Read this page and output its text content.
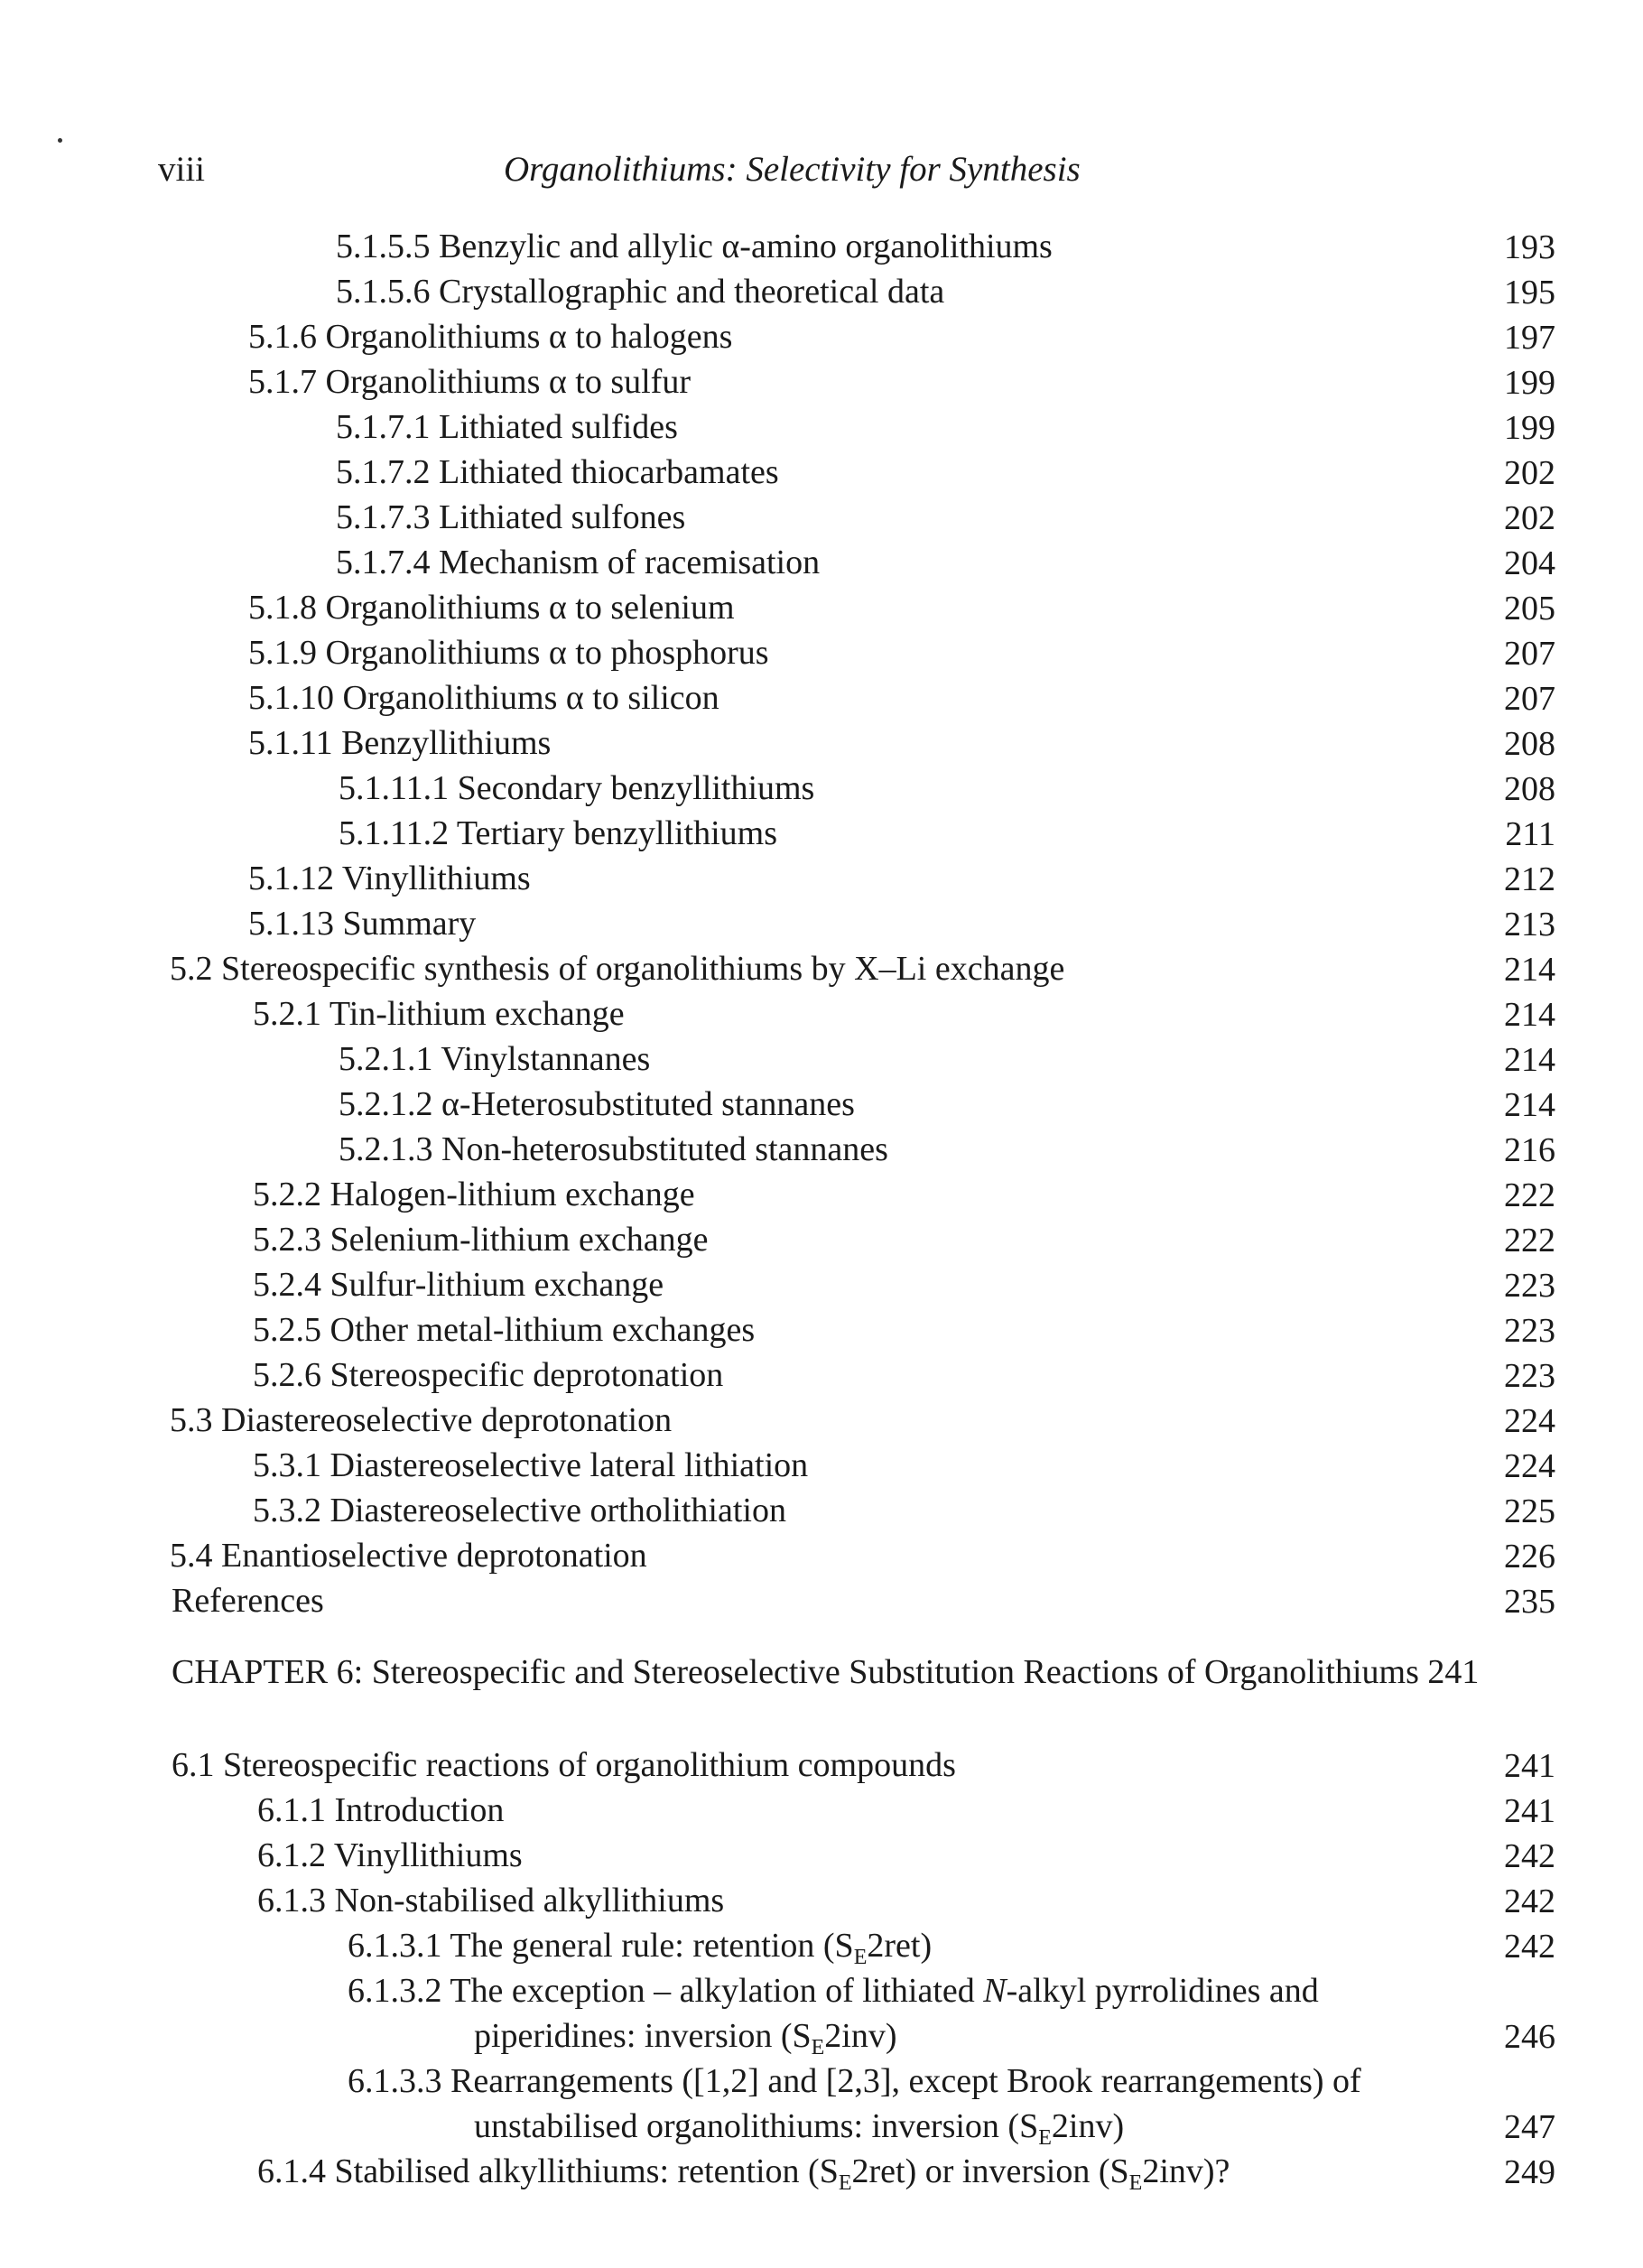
viii	Organolithiums: Selectivity for Synthesis
5.1.5.5 Benzylic and allylic α-amino organolithiums	193
5.1.5.6 Crystallographic and theoretical data	195
5.1.6 Organolithiums α to halogens	197
5.1.7 Organolithiums α to sulfur	199
5.1.7.1 Lithiated sulfides	199
5.1.7.2 Lithiated thiocarbamates	202
5.1.7.3 Lithiated sulfones	202
5.1.7.4 Mechanism of racemisation	204
5.1.8 Organolithiums α to selenium	205
5.1.9 Organolithiums α to phosphorus	207
5.1.10 Organolithiums α to silicon	207
5.1.11 Benzyllithiums	208
5.1.11.1 Secondary benzyllithiums	208
5.1.11.2 Tertiary benzyllithiums	211
5.1.12 Vinyllithiums	212
5.1.13 Summary	213
5.2 Stereospecific synthesis of organolithiums by X–Li exchange	214
5.2.1 Tin-lithium exchange	214
5.2.1.1 Vinylstannanes	214
5.2.1.2 α-Heterosubstituted stannanes	214
5.2.1.3 Non-heterosubstituted stannanes	216
5.2.2 Halogen-lithium exchange	222
5.2.3 Selenium-lithium exchange	222
5.2.4 Sulfur-lithium exchange	223
5.2.5 Other metal-lithium exchanges	223
5.2.6 Stereospecific deprotonation	223
5.3 Diastereoselective deprotonation	224
5.3.1 Diastereoselective lateral lithiation	224
5.3.2 Diastereoselective ortholithiation	225
5.4 Enantioselective deprotonation	226
References	235
6.1 Stereospecific reactions of organolithium compounds	241
6.1.1 Introduction	241
6.1.2 Vinyllithiums	242
6.1.3 Non-stabilised alkyllithiums	242
6.1.3.1 The general rule: retention $(S_E2ret)$	242
6.1.3.2 The exception – alkylation of lithiated N-alkyl pyrrolidines and
piperidines: inversion $(S_E2inv)$	246
6.1.3.3 Rearrangements ([1,2] and [2,3], except Brook rearrangements) of
unstabilised organolithiums: inversion $(S_E2inv)$	247
6.1.4 Stabilised alkyllithiums: retention $(S_E2ret)$ or inversion $(S_E2inv)$?	249
CHAPTER 6: Stereospecific and Stereoselective Substitution Reactions of Organolithiums 241
